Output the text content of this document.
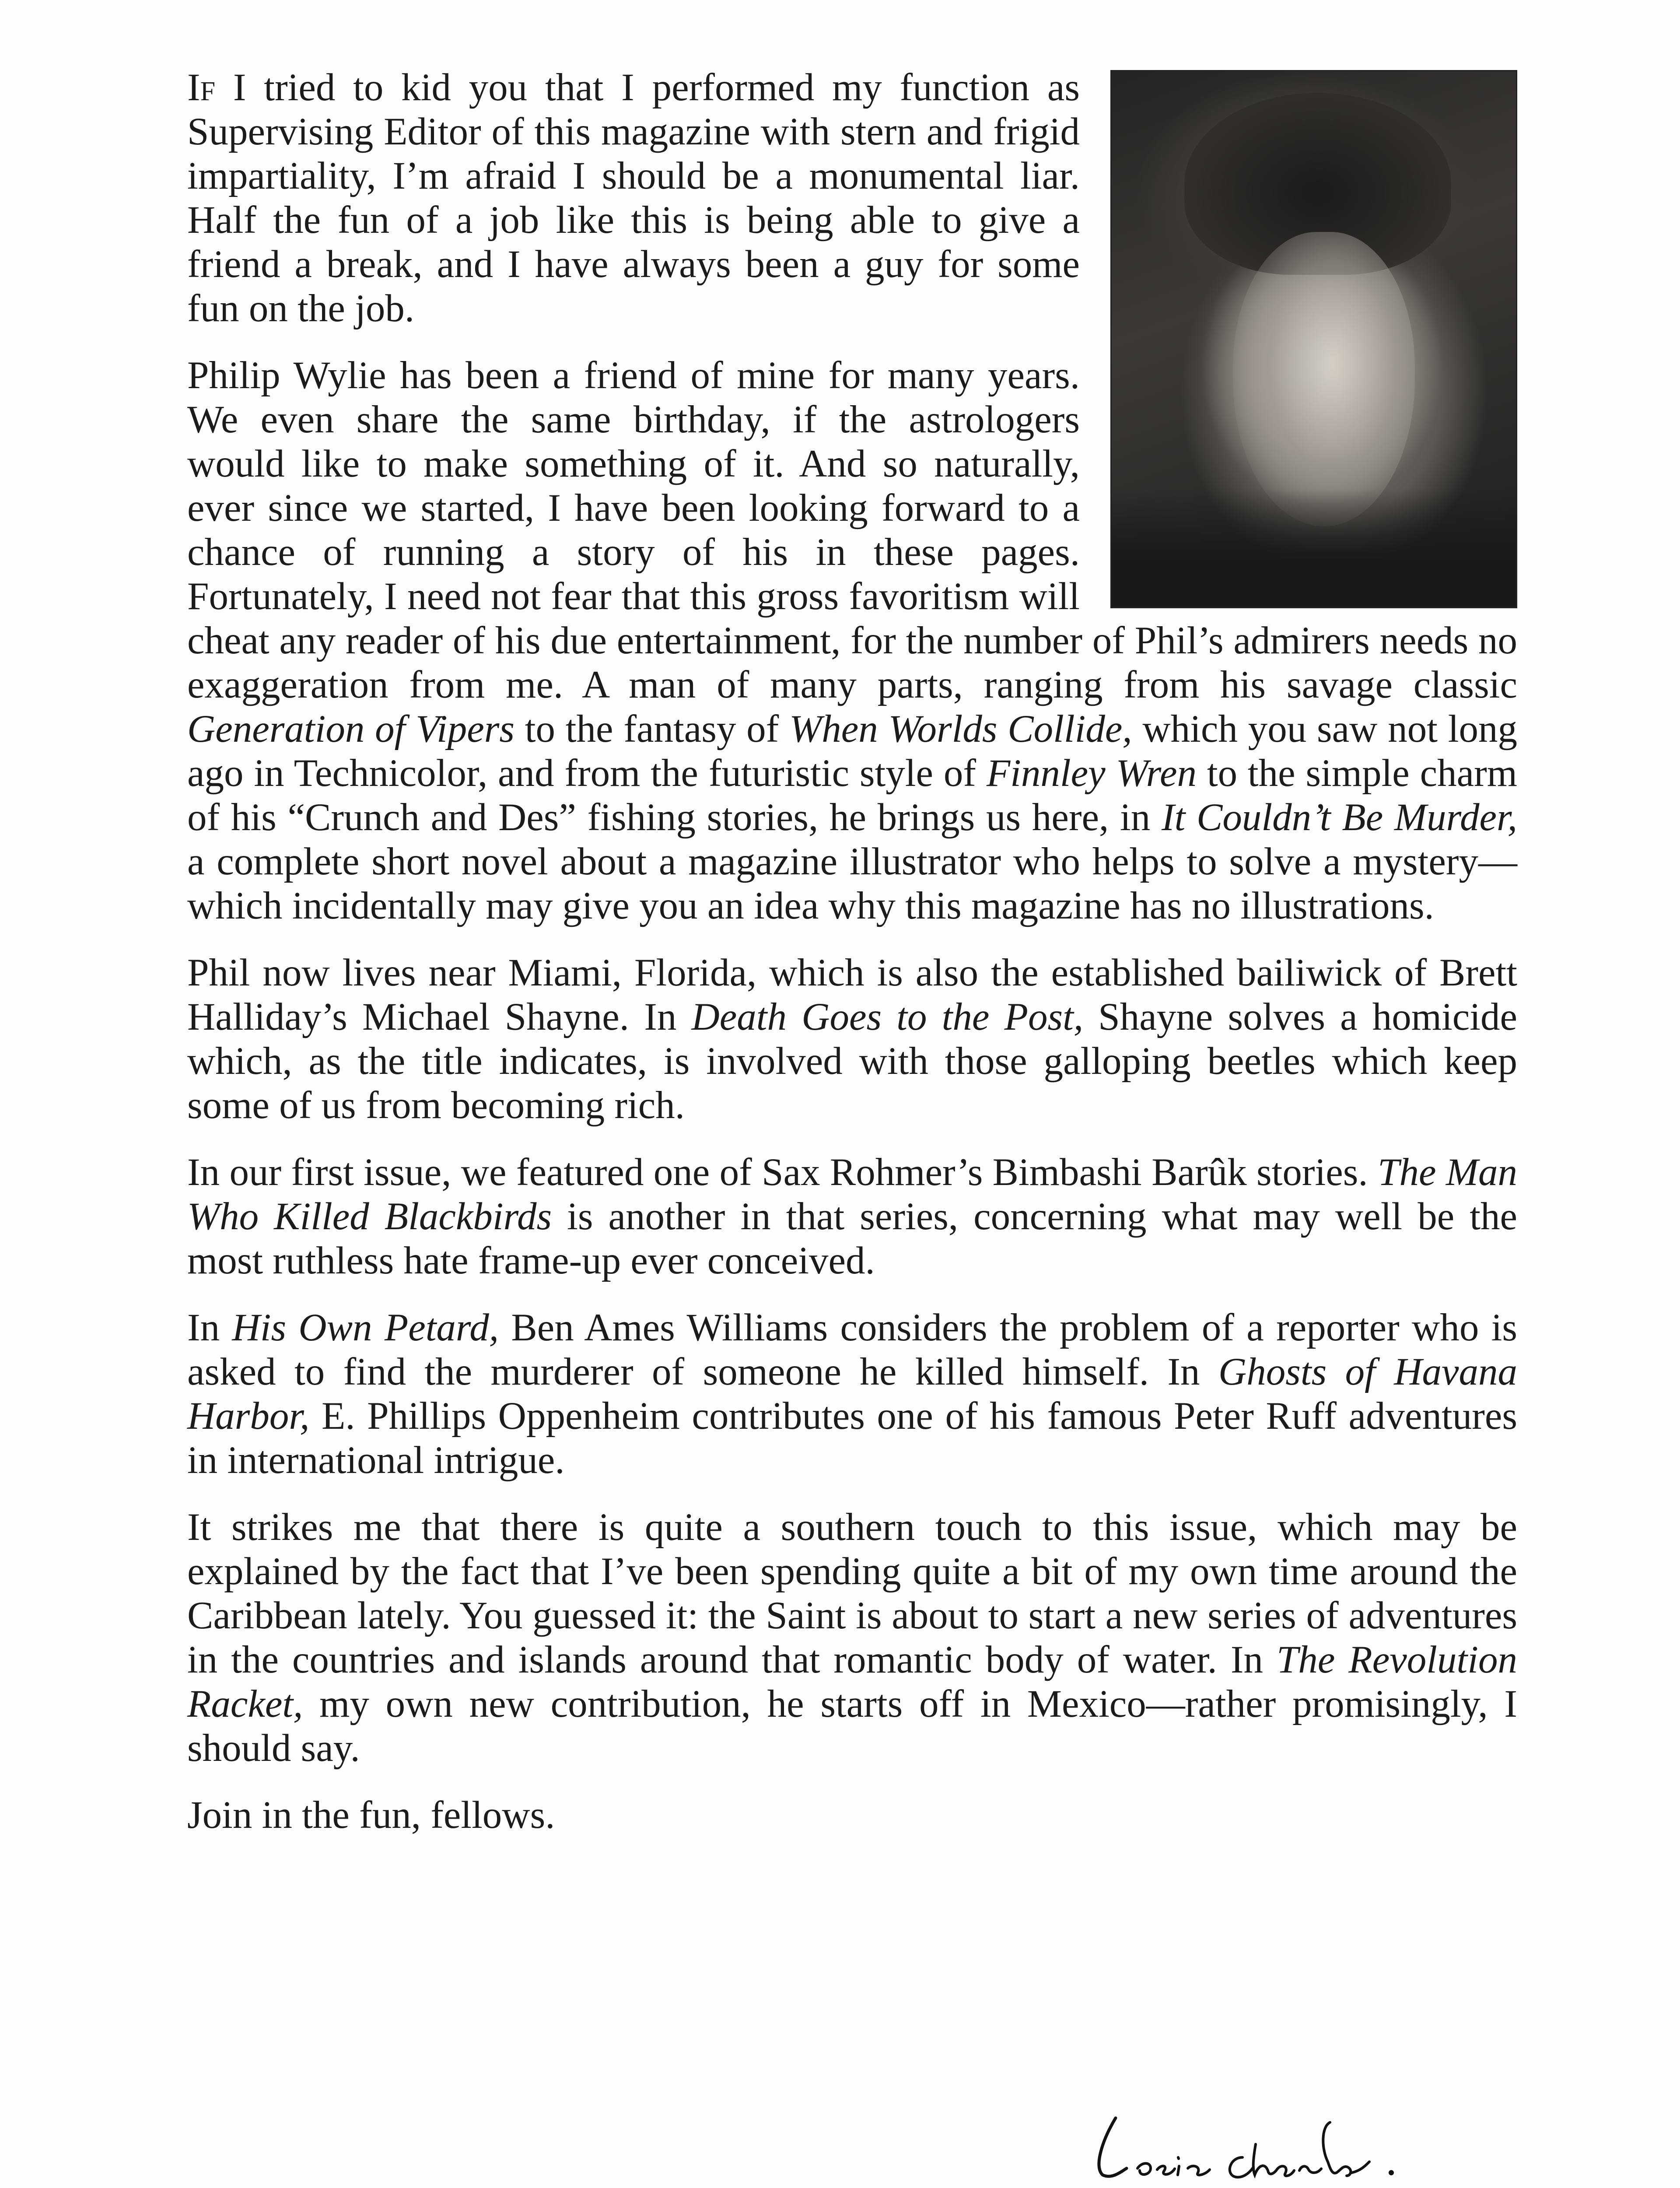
If I tried to kid you that I performed my function as Supervising Editor of this magazine with stern and frigid impartiality, I’m afraid I should be a monumental liar. Half the fun of a job like this is being able to give a friend a break, and I have always been a guy for some fun on the job.

Philip Wylie has been a friend of mine for many years. We even share the same birthday, if the astrologers would like to make something of it. And so naturally, ever since we started, I have been looking forward to a chance of running a story of his in these pages. Fortunately, I need not fear that this gross favoritism will cheat any reader of his due entertainment, for the number of Phil’s admirers needs no exaggeration from me. A man of many parts, ranging from his savage classic Generation of Vipers to the fantasy of When Worlds Collide, which you saw not long ago in Technicolor, and from the futuristic style of Finnley Wren to the simple charm of his “Crunch and Des” fishing stories, he brings us here, in It Couldn’t Be Murder, a complete short novel about a magazine illustrator who helps to solve a mystery—which incidentally may give you an idea why this magazine has no illustrations.

Phil now lives near Miami, Florida, which is also the established bailiwick of Brett Halliday’s Michael Shayne. In Death Goes to the Post, Shayne solves a homicide which, as the title indicates, is involved with those galloping beetles which keep some of us from becoming rich.

In our first issue, we featured one of Sax Rohmer’s Bimbashi Barûk stories. The Man Who Killed Blackbirds is another in that series, concerning what may well be the most ruthless hate frame-up ever conceived.

In His Own Petard, Ben Ames Williams considers the problem of a reporter who is asked to find the murderer of someone he killed himself. In Ghosts of Havana Harbor, E. Phillips Oppenheim contributes one of his famous Peter Ruff adventures in international intrigue.

It strikes me that there is quite a southern touch to this issue, which may be explained by the fact that I’ve been spending quite a bit of my own time around the Caribbean lately. You guessed it: the Saint is about to start a new series of adventures in the countries and islands around that romantic body of water. In The Revolution Racket, my own new contribution, he starts off in Mexico—rather promisingly, I should say.

Join in the fun, fellows.
